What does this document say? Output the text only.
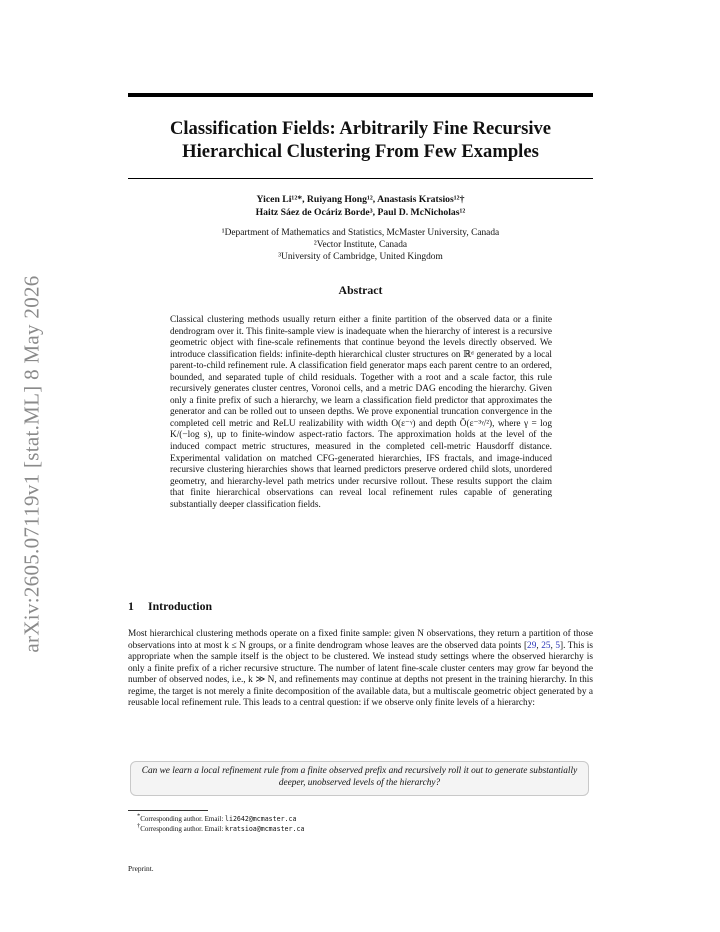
arXiv:2605.07119v1 [stat.ML] 8 May 2026
Classification Fields: Arbitrarily Fine Recursive Hierarchical Clustering From Few Examples
Yicen Li¹²*, Ruiyang Hong¹², Anastasis Kratsios¹²†
Haitz Sáez de Ocáriz Borde³, Paul D. McNicholas¹²
¹Department of Mathematics and Statistics, McMaster University, Canada
²Vector Institute, Canada
³University of Cambridge, United Kingdom
Abstract
Classical clustering methods usually return either a finite partition of the observed data or a finite dendrogram over it. This finite-sample view is inadequate when the hierarchy of interest is a recursive geometric object with fine-scale refinements that continue beyond the levels directly observed. We introduce classification fields: infinite-depth hierarchical cluster structures on ℝᵈ generated by a local parent-to-child refinement rule. A classification field generator maps each parent centre to an ordered, bounded, and separated tuple of child residuals. Together with a root and a scale factor, this rule recursively generates cluster centres, Voronoi cells, and a metric DAG encoding the hierarchy. Given only a finite prefix of such a hierarchy, we learn a classification field predictor that approximates the generator and can be rolled out to unseen depths. We prove exponential truncation convergence in the completed cell metric and ReLU realizability with width O(ε⁻ᵞ) and depth Õ(ε⁻³ᵞ/²), where γ = log K/(−log s), up to finite-window aspect-ratio factors. The approximation holds at the level of the induced compact metric structures, measured in the completed cell-metric Hausdorff distance. Experimental validation on matched CFG-generated hierarchies, IFS fractals, and image-induced recursive clustering hierarchies shows that learned predictors preserve ordered child slots, unordered geometry, and hierarchy-level path metrics under recursive rollout. These results support the claim that finite hierarchical observations can reveal local refinement rules capable of generating substantially deeper classification fields.
1 Introduction
Most hierarchical clustering methods operate on a fixed finite sample: given N observations, they return a partition of those observations into at most k ≤ N groups, or a finite dendrogram whose leaves are the observed data points [29, 25, 5]. This is appropriate when the sample itself is the object to be clustered. We instead study settings where the observed hierarchy is only a finite prefix of a richer recursive structure. The number of latent fine-scale cluster centers may grow far beyond the number of observed nodes, i.e., k ≫ N, and refinements may continue at depths not present in the training hierarchy. In this regime, the target is not merely a finite decomposition of the available data, but a multiscale geometric object generated by a reusable local refinement rule. This leads to a central question: if we observe only finite levels of a hierarchy:
Can we learn a local refinement rule from a finite observed prefix and recursively roll it out to generate substantially deeper, unobserved levels of the hierarchy?
*Corresponding author. Email: li2642@mcmaster.ca
†Corresponding author. Email: kratsioa@mcmaster.ca
Preprint.
